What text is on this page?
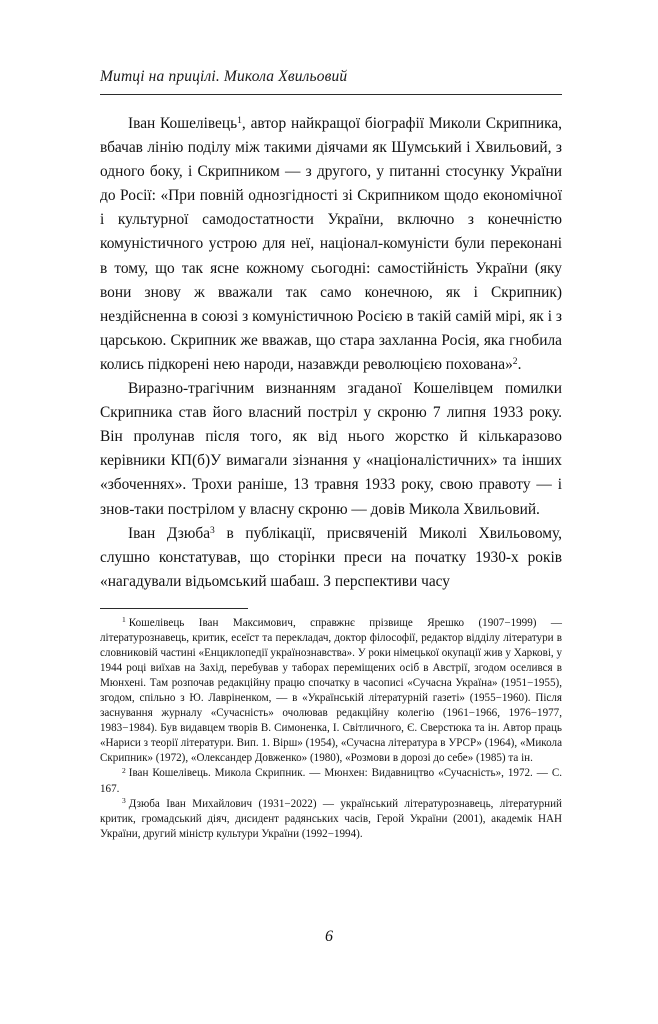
Митці на прицілі. Микола Хвильовий

Іван Кошелівець$^1$, автор найкращої біографії Миколи Скрипника, вбачав лінію поділу між такими діячами як Шумський і Хвильовий, з одного боку, і Скрипником — з другого, у питанні стосунку України до Росії: «При повній однозгідності зі Скрипником щодо економічної і культурної самодостатности України, включно з конечністю комуністичного устрою для неї, націонал-комуністи були переконані в тому, що так ясне кожному сьогодні: самостійність України (яку вони знову ж вважали так само конечною, як і Скрипник) нездійсненна в союзі з комуністичною Росією в такій самій мірі, як і з царською. Скрипник же вважав, що стара захланна Росія, яка гнобила колись підкорені нею народи, назавжди революцією похована»$^2$.

Виразно-трагічним визнанням згаданої Кошелівцем помилки Скрипника став його власний постріл у скроню 7 липня 1933 року. Він пролунав після того, як від нього жорстко й кількаразово керівники КП(б)У вимагали зізнання у «націоналістичних» та інших «збоченнях». Трохи раніше, 13 травня 1933 року, свою правоту — і знов-таки пострілом у власну скроню — довів Микола Хвильовий.

Іван Дзюба$^3$ в публікації, присвяченій Миколі Хвильовому, слушно констатував, що сторінки преси на початку 1930-х років «нагадували відьомський шабаш. З перспективи часу

$^1$ Кошелівець Іван Максимович, справжнє прізвище Ярешко (1907−1999) — літературознавець, критик, есеїст та перекладач, доктор філософії, редактор відділу літератури в словниковій частині «Енциклопедії українознавства». У роки німецької окупації жив у Харкові, у 1944 році виїхав на Захід, перебував у таборах переміщених осіб в Австрії, згодом оселився в Мюнхені. Там розпочав редакційну працю спочатку в часописі «Сучасна Україна» (1951−1955), згодом, спільно з Ю. Лавріненком, — в «Українській літературній газеті» (1955−1960). Після заснування журналу «Сучасність» очолював редакційну колегію (1961−1966, 1976−1977, 1983−1984). Був видавцем творів В. Симоненка, І. Світличного, Є. Сверстюка та ін. Автор праць «Нариси з теорії літератури. Вип. 1. Вірш» (1954), «Сучасна література в УРСР» (1964), «Микола Скрипник» (1972), «Олександер Довженко» (1980), «Розмови в дорозі до себе» (1985) та ін.

$^2$ Іван Кошелівець. Микола Скрипник. — Мюнхен: Видавництво «Сучасність», 1972. — С. 167.

$^3$ Дзюба Іван Михайлович (1931−2022) — український літературознавець, літературний критик, громадський діяч, дисидент радянських часів, Герой України (2001), академік НАН України, другий міністр культури України (1992−1994).

6
